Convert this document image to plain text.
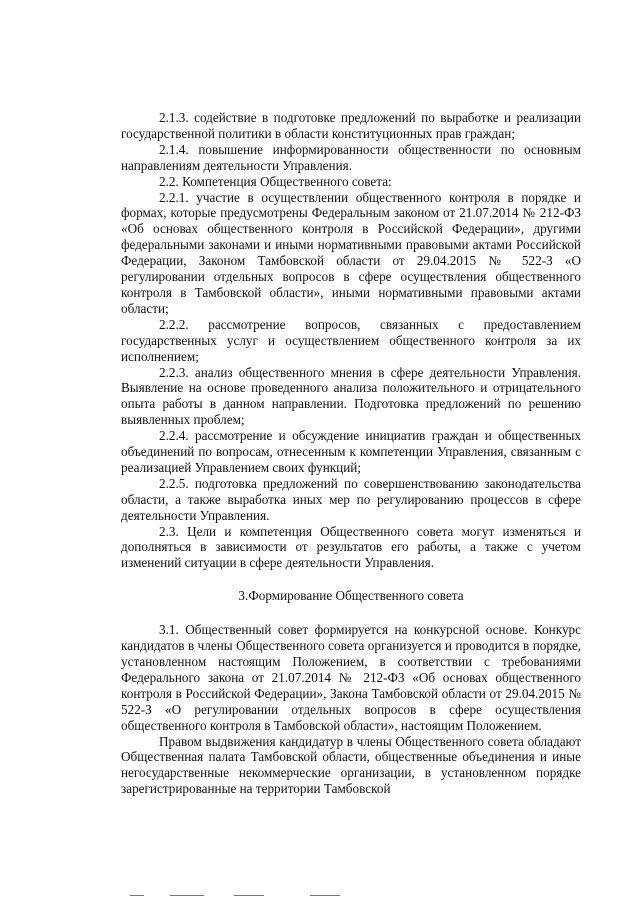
2.1.3. содействие в подготовке предложений по выработке и реализации государственной политики в области конституционных прав граждан;

2.1.4. повышение информированности общественности по основным направлениям деятельности Управления.

2.2. Компетенция Общественного совета:

2.2.1. участие в осуществлении общественного контроля в порядке и формах, которые предусмотрены Федеральным законом от 21.07.2014 № 212-ФЗ «Об основах общественного контроля в Российской Федерации», другими федеральными законами и иными нормативными правовыми актами Российской Федерации, Законом Тамбовской области от 29.04.2015 № 522-З «О регулировании отдельных вопросов в сфере осуществления общественного контроля в Тамбовской области», иными нормативными правовыми актами области;

2.2.2. рассмотрение вопросов, связанных с предоставлением государственных услуг и осуществлением общественного контроля за их исполнением;

2.2.3. анализ общественного мнения в сфере деятельности Управления. Выявление на основе проведенного анализа положительного и отрицательного опыта работы в данном направлении. Подготовка предложений по решению выявленных проблем;

2.2.4. рассмотрение и обсуждение инициатив граждан и общественных объединений по вопросам, отнесенным к компетенции Управления, связанным с реализацией Управлением своих функций;

2.2.5. подготовка предложений по совершенствованию законодательства области, а также выработка иных мер по регулированию процессов в сфере деятельности Управления.

2.3. Цели и компетенция Общественного совета могут изменяться и дополняться в зависимости от результатов его работы, а также с учетом изменений ситуации в сфере деятельности Управления.

3.Формирование Общественного совета

3.1. Общественный совет формируется на конкурсной основе. Конкурс кандидатов в члены Общественного совета организуется и проводится в порядке, установленном настоящим Положением, в соответствии с требованиями Федерального закона от 21.07.2014 № 212-ФЗ «Об основах общественного контроля в Российской Федерации», Закона Тамбовской области от 29.04.2015 № 522-З «О регулировании отдельных вопросов в сфере осуществления общественного контроля в Тамбовской области», настоящим Положением.

Правом выдвижения кандидатур в члены Общественного совета обладают Общественная палата Тамбовской области, общественные объединения и иные негосударственные некоммерческие организации, в установленном порядке зарегистрированные на территории Тамбовской
